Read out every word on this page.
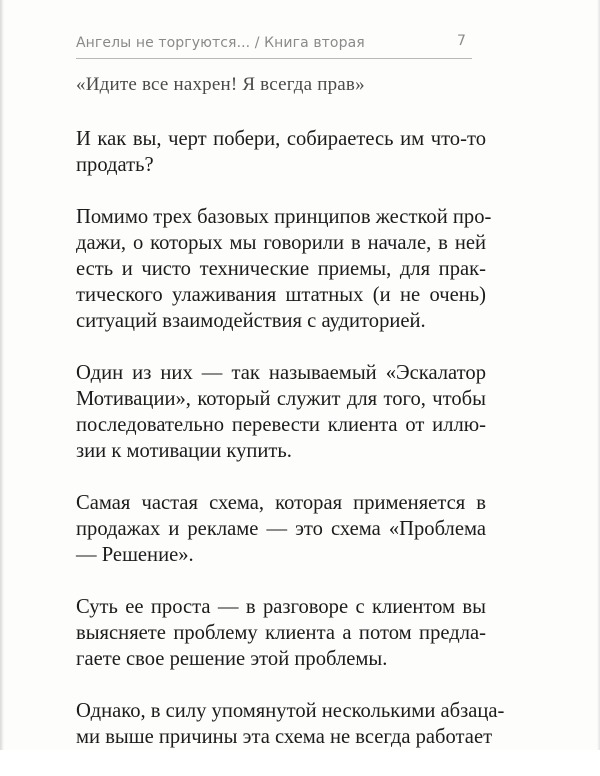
Ангелы не торгуются... / Книга вторая	7
«Идите все нахрен! Я всегда прав»

И как вы, черт побери, собираетесь им что-то
продать?

Помимо трех базовых принципов жесткой про-
дажи, о которых мы говорили в начале, в ней
есть и чисто технические приемы, для прак-
тического улаживания штатных (и не очень)
ситуаций взаимодействия с аудиторией.

Один из них — так называемый «Эскалатор
Мотивации», который служит для того, чтобы
последовательно перевести клиента от иллю-
зии к мотивации купить.

Самая частая схема, которая применяется в
продажах и рекламе — это схема «Проблема
— Решение».

Суть ее проста — в разговоре с клиентом вы
выясняете проблему клиента а потом предла-
гаете свое решение этой проблемы.

Однако, в силу упомянутой несколькими абзаца-
ми выше причины эта схема не всегда работает
